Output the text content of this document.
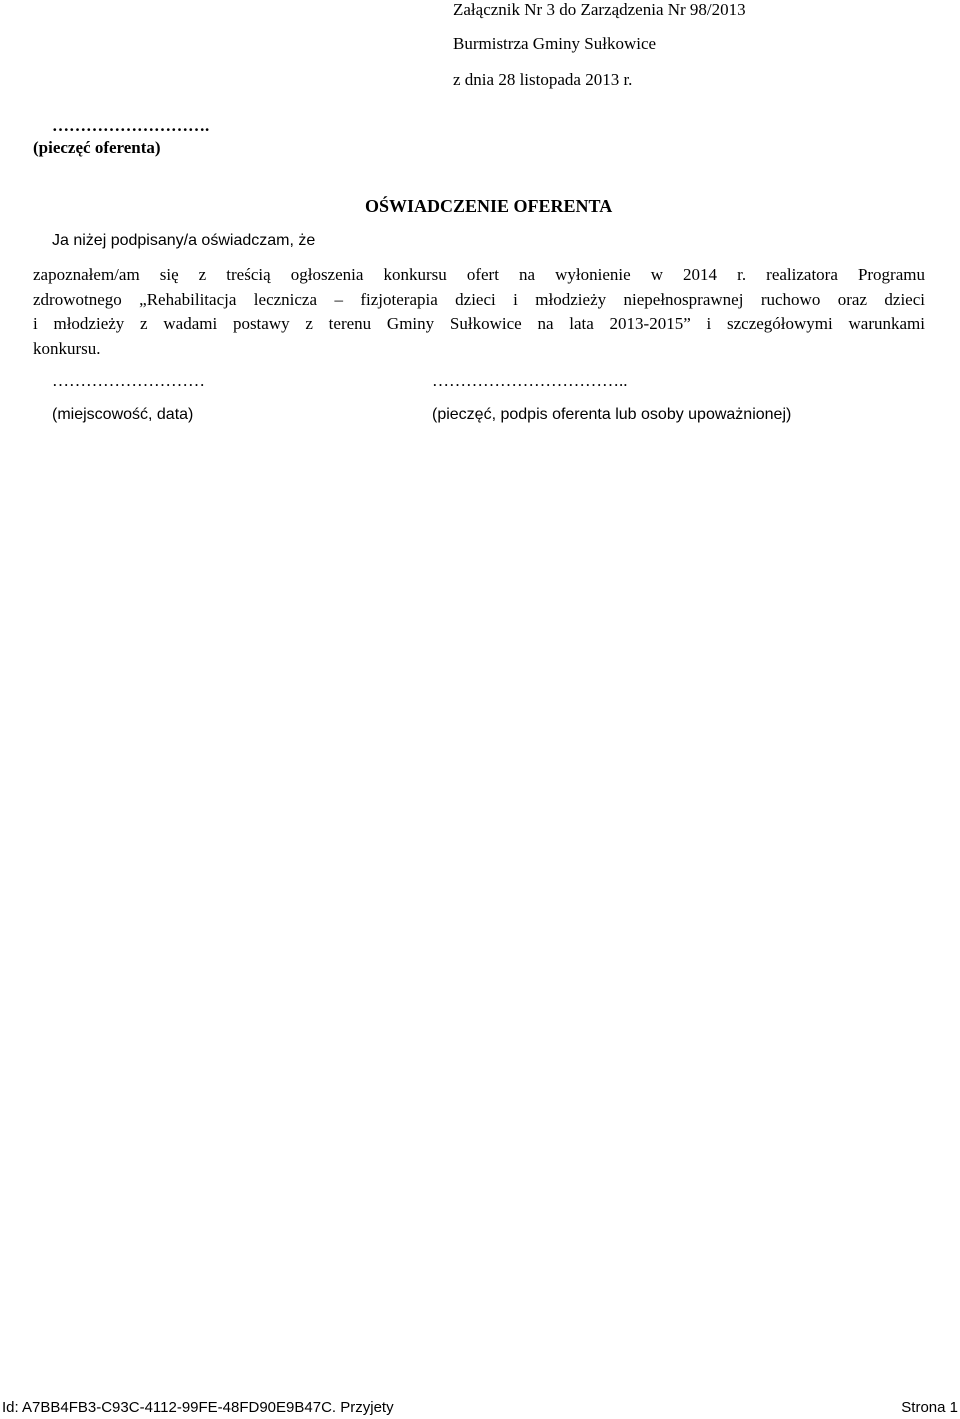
Załącznik Nr 3 do Zarządzenia Nr 98/2013
Burmistrza Gminy Sułkowice
z dnia 28 listopada 2013 r.
……………………….
(pieczęć oferenta)
OŚWIADCZENIE OFERENTA
Ja niżej podpisany/a oświadczam, że
zapoznałem/am się z treścią ogłoszenia konkursu ofert na wyłonienie w 2014 r. realizatora Programu
zdrowotnego „Rehabilitacja lecznicza – fizjoterapia dzieci i młodzieży niepełnosprawnej ruchowo oraz dzieci
i młodzieży z wadami postawy z terenu Gminy Sułkowice na lata 2013-2015” i szczegółowymi warunkami
konkursu.
………………………
(miejscowość, data)
……………………………..
(pieczęć, podpis oferenta lub osoby upoważnionej)
Id: A7BB4FB3-C93C-4112-99FE-48FD90E9B47C. Przyjety	Strona 1
